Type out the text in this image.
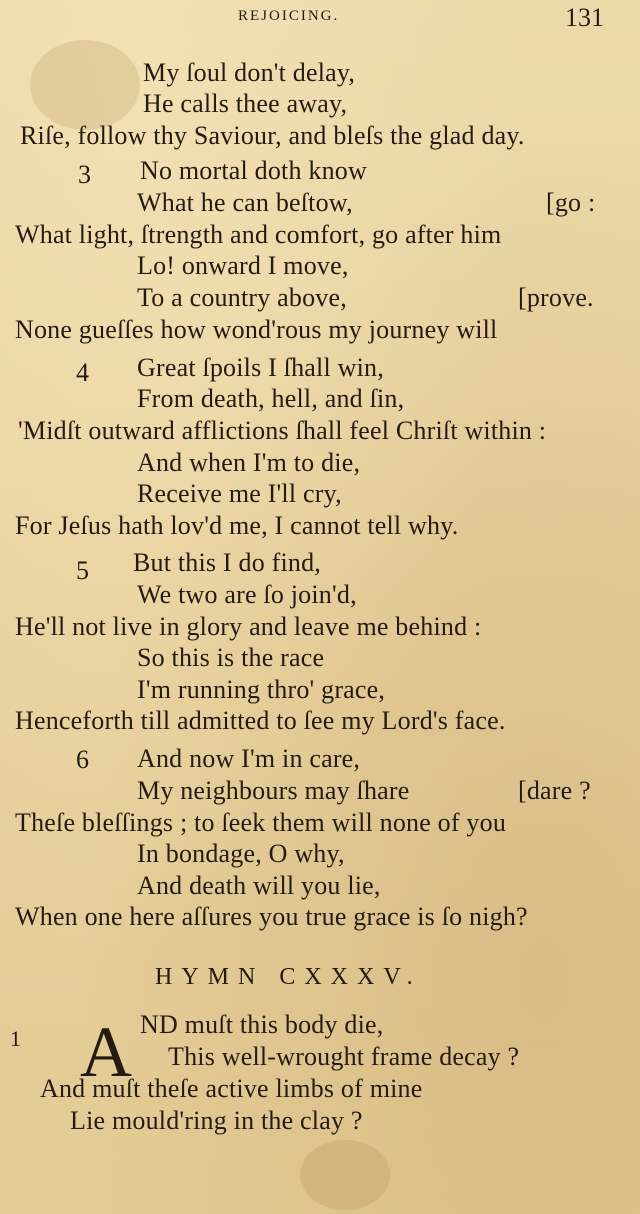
REJOICING.	131
My ſoul don't delay,
He calls thee away,
Riſe, follow thy Saviour, and bleſs the glad day.
3 No mortal doth know
What he can beſtow,	[go :
What light, ſtrength and comfort, go after him
Lo! onward I move,
To a country above,	[prove.
None gueſſes how wond'rous my journey will
4 Great ſpoils I ſhall win,
From death, hell, and ſin,
'Midſt outward afflictions ſhall feel Chriſt within :
And when I'm to die,
Receive me I'll cry,
For Jeſus hath lov'd me, I cannot tell why.
5 But this I do find,
We two are ſo join'd,
He'll not live in glory and leave me behind :
So this is the race
I'm running thro' grace,
Henceforth till admitted to ſee my Lord's face.
6 And now I'm in care,
My neighbours may ſhare	[dare ?
Theſe bleſſings ; to ſeek them will none of you
In bondage, O why,
And death will you lie,
When one here aſſures you true grace is ſo nigh?
HYMN CXXXV.
1 A ND muſt this body die,
This well-wrought frame decay ?
And muſt theſe active limbs of mine
Lie mould'ring in the clay ?
